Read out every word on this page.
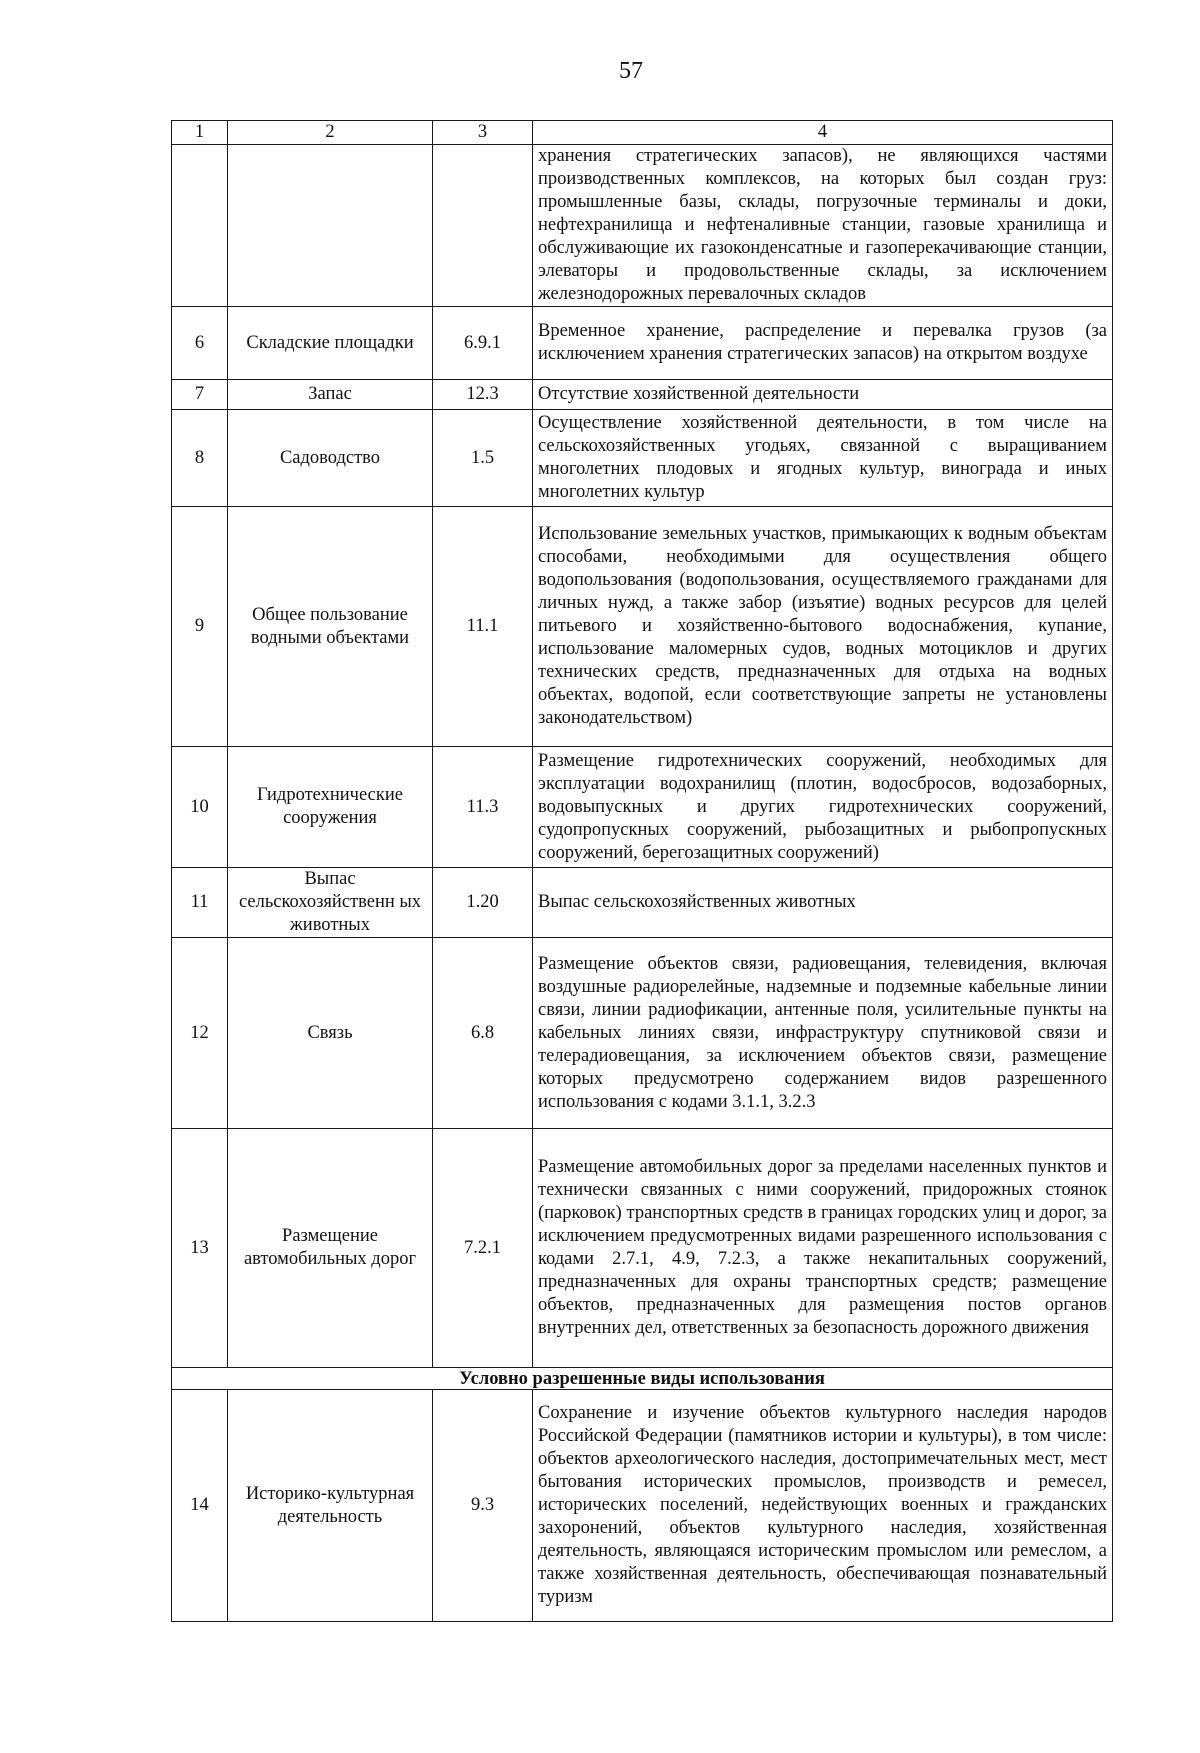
57
1	2	3	4
			хранения стратегических запасов), не являющихся частями производственных комплексов, на которых был создан груз: промышленные базы, склады, погрузочные терминалы и доки, нефтехранилища и нефтеналивные станции, газовые хранилища и обслуживающие их газоконденсатные и газоперекачивающие станции, элеваторы и продовольственные склады, за исключением железнодорожных перевалочных складов
6	Складские площадки	6.9.1	Временное хранение, распределение и перевалка грузов (за исключением хранения стратегических запасов) на открытом воздухе
7	Запас	12.3	Отсутствие хозяйственной деятельности
8	Садоводство	1.5	Осуществление хозяйственной деятельности, в том числе на сельскохозяйственных угодьях, связанной с выращиванием многолетних плодовых и ягодных культур, винограда и иных многолетних культур
9	Общее пользование водными объектами	11.1	Использование земельных участков, примыкающих к водным объектам способами, необходимыми для осуществления общего водопользования (водопользования, осуществляемого гражданами для личных нужд, а также забор (изъятие) водных ресурсов для целей питьевого и хозяйственно-бытового водоснабжения, купание, использование маломерных судов, водных мотоциклов и других технических средств, предназначенных для отдыха на водных объектах, водопой, если соответствующие запреты не установлены законодательством)
10	Гидротехнические сооружения	11.3	Размещение гидротехнических сооружений, необходимых для эксплуатации водохранилищ (плотин, водосбросов, водозаборных, водовыпускных и других гидротехнических сооружений, судопропускных сооружений, рыбозащитных и рыбопропускных сооружений, берегозащитных сооружений)
11	Выпас сельскохозяйственн ых животных	1.20	Выпас сельскохозяйственных животных
12	Связь	6.8	Размещение объектов связи, радиовещания, телевидения, включая воздушные радиорелейные, надземные и подземные кабельные линии связи, линии радиофикации, антенные поля, усилительные пункты на кабельных линиях связи, инфраструктуру спутниковой связи и телерадиовещания, за исключением объектов связи, размещение которых предусмотрено содержанием видов разрешенного использования с кодами 3.1.1, 3.2.3
13	Размещение автомобильных дорог	7.2.1	Размещение автомобильных дорог за пределами населенных пунктов и технически связанных с ними сооружений, придорожных стоянок (парковок) транспортных средств в границах городских улиц и дорог, за исключением предусмотренных видами разрешенного использования с кодами 2.7.1, 4.9, 7.2.3, а также некапитальных сооружений, предназначенных для охраны транспортных средств; размещение объектов, предназначенных для размещения постов органов внутренних дел, ответственных за безопасность дорожного движения
Условно разрешенные виды использования			
14	Историко-культурная деятельность	9.3	Сохранение и изучение объектов культурного наследия народов Российской Федерации (памятников истории и культуры), в том числе: объектов археологического наследия, достопримечательных мест, мест бытования исторических промыслов, производств и ремесел, исторических поселений, недействующих военных и гражданских захоронений, объектов культурного наследия, хозяйственная деятельность, являющаяся историческим промыслом или ремеслом, а также хозяйственная деятельность, обеспечивающая познавательный туризм
